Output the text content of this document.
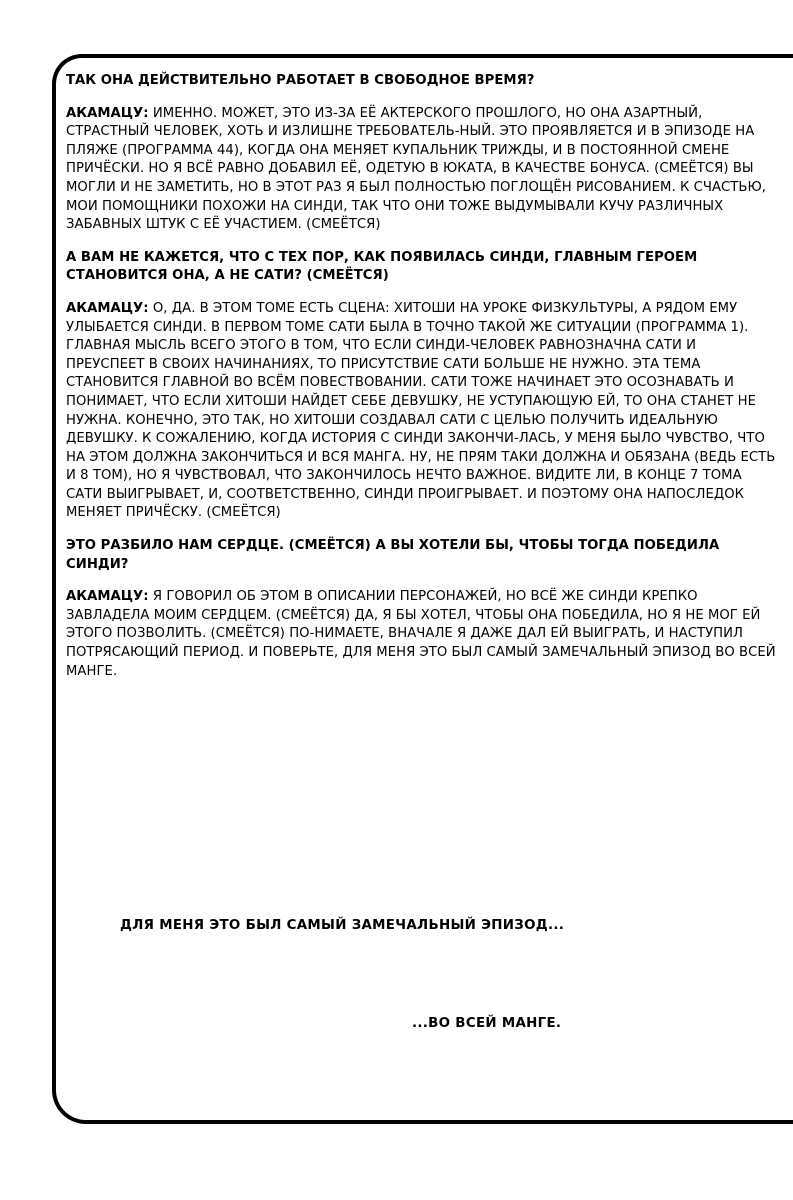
ТАК ОНА ДЕЙСТВИТЕЛЬНО РАБОТАЕТ В СВОБОДНОЕ ВРЕМЯ?

АКАМАЦУ: ИМЕННО. МОЖЕТ, ЭТО ИЗ-ЗА ЕЁ АКТЕРСКОГО ПРОШЛОГО, НО ОНА АЗАРТНЫЙ, СТРАСТНЫЙ ЧЕЛОВЕК, ХОТЬ И ИЗЛИШНЕ ТРЕБОВАТЕЛЬ-НЫЙ. ЭТО ПРОЯВЛЯЕТСЯ И В ЭПИЗОДЕ НА ПЛЯЖЕ (ПРОГРАММА 44), КОГДА ОНА МЕНЯЕТ КУПАЛЬНИК ТРИЖДЫ, И В ПОСТОЯННОЙ СМЕНЕ ПРИЧЁСКИ. НО Я ВСЁ РАВНО ДОБАВИЛ ЕЁ, ОДЕТУЮ В ЮКАТА, В КАЧЕСТВЕ БОНУСА. (СМЕЁТСЯ) ВЫ МОГЛИ И НЕ ЗАМЕТИТЬ, НО В ЭТОТ РАЗ Я БЫЛ ПОЛНОСТЬЮ ПОГЛОЩЁН РИСОВАНИЕМ. К СЧАСТЬЮ, МОИ ПОМОЩНИКИ ПОХОЖИ НА СИНДИ, ТАК ЧТО ОНИ ТОЖЕ ВЫДУМЫВАЛИ КУЧУ РАЗЛИЧНЫХ ЗАБАВНЫХ ШТУК С ЕЁ УЧАСТИЕМ. (СМЕЁТСЯ)

А ВАМ НЕ КАЖЕТСЯ, ЧТО С ТЕХ ПОР, КАК ПОЯВИЛАСЬ СИНДИ, ГЛАВНЫМ ГЕРОЕМ СТАНОВИТСЯ ОНА, А НЕ САТИ? (СМЕЁТСЯ)

АКАМАЦУ: О, ДА. В ЭТОМ ТОМЕ ЕСТЬ СЦЕНА: ХИТОШИ НА УРОКЕ ФИЗКУЛЬТУРЫ, А РЯДОМ ЕМУ УЛЫБАЕТСЯ СИНДИ. В ПЕРВОМ ТОМЕ САТИ БЫЛА В ТОЧНО ТАКОЙ ЖЕ СИТУАЦИИ (ПРОГРАММА 1). ГЛАВНАЯ МЫСЛЬ ВСЕГО ЭТОГО В ТОМ, ЧТО ЕСЛИ СИНДИ-ЧЕЛОВЕК РАВНОЗНАЧНА САТИ И ПРЕУСПЕЕТ В СВОИХ НАЧИНАНИЯХ, ТО ПРИСУТСТВИЕ САТИ БОЛЬШЕ НЕ НУЖНО. ЭТА ТЕМА СТАНОВИТСЯ ГЛАВНОЙ ВО ВСЁМ ПОВЕСТВОВАНИИ. САТИ ТОЖЕ НАЧИНАЕТ ЭТО ОСОЗНАВАТЬ И ПОНИМАЕТ, ЧТО ЕСЛИ ХИТОШИ НАЙДЕТ СЕБЕ ДЕВУШКУ, НЕ УСТУПАЮЩУЮ ЕЙ, ТО ОНА СТАНЕТ НЕ НУЖНА. КОНЕЧНО, ЭТО ТАК, НО ХИТОШИ СОЗДАВАЛ САТИ С ЦЕЛЬЮ ПОЛУЧИТЬ ИДЕАЛЬНУЮ ДЕВУШКУ. К СОЖАЛЕНИЮ, КОГДА ИСТОРИЯ С СИНДИ ЗАКОНЧИ-ЛАСЬ, У МЕНЯ БЫЛО ЧУВСТВО, ЧТО НА ЭТОМ ДОЛЖНА ЗАКОНЧИТЬСЯ И ВСЯ МАНГА. НУ, НЕ ПРЯМ ТАКИ ДОЛЖНА И ОБЯЗАНА (ВЕДЬ ЕСТЬ И 8 ТОМ), НО Я ЧУВСТВОВАЛ, ЧТО ЗАКОНЧИЛОСЬ НЕЧТО ВАЖНОЕ. ВИДИТЕ ЛИ, В КОНЦЕ 7 ТОМА САТИ ВЫИГРЫВАЕТ, И, СООТВЕТСТВЕННО, СИНДИ ПРОИГРЫВАЕТ. И ПОЭТОМУ ОНА НАПОСЛЕДОК МЕНЯЕТ ПРИЧЁСКУ. (СМЕЁТСЯ)

ЭТО РАЗБИЛО НАМ СЕРДЦЕ. (СМЕЁТСЯ) А ВЫ ХОТЕЛИ БЫ, ЧТОБЫ ТОГДА ПОБЕДИЛА СИНДИ?

АКАМАЦУ: Я ГОВОРИЛ ОБ ЭТОМ В ОПИСАНИИ ПЕРСОНАЖЕЙ, НО ВСЁ ЖЕ СИНДИ КРЕПКО ЗАВЛАДЕЛА МОИМ СЕРДЦЕМ. (СМЕЁТСЯ) ДА, Я БЫ ХОТЕЛ, ЧТОБЫ ОНА ПОБЕДИЛА, НО Я НЕ МОГ ЕЙ ЭТОГО ПОЗВОЛИТЬ. (СМЕЁТСЯ) ПО-НИМАЕТЕ, ВНАЧАЛЕ Я ДАЖЕ ДАЛ ЕЙ ВЫИГРАТЬ, И НАСТУПИЛ ПОТРЯСАЮЩИЙ ПЕРИОД. И ПОВЕРЬТЕ, ДЛЯ МЕНЯ ЭТО БЫЛ САМЫЙ ЗАМЕЧАЛЬНЫЙ ЭПИЗОД ВО ВСЕЙ МАНГЕ.

ДЛЯ МЕНЯ ЭТО БЫЛ САМЫЙ ЗАМЕЧАЛЬНЫЙ ЭПИЗОД...
...ВО ВСЕЙ МАНГЕ.
